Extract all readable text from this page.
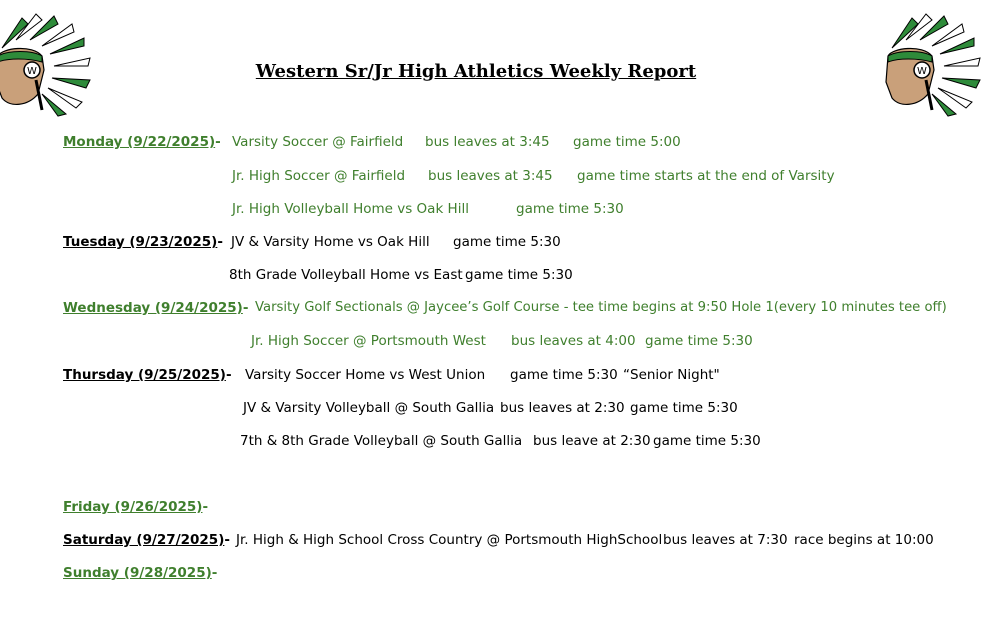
W	W
Western Sr/Jr High Athletics Weekly Report
Monday (9/22/2025)- Varsity Soccer @ Fairfield bus leaves at 3:45 game time 5:00
Jr. High Soccer @ Fairfield bus leaves at 3:45 game time starts at the end of Varsity
Jr. High Volleyball Home vs Oak Hill	game time 5:30
Tuesday (9/23/2025)- JV & Varsity Home vs Oak Hill game time 5:30
8th Grade Volleyball Home vs East game time 5:30
Wednesday (9/24/2025)- Varsity Golf Sectionals @ Jaycee’s Golf Course - tee time begins at 9:50 Hole 1(every 10 minutes tee off)
Jr. High Soccer @ Portsmouth West bus leaves at 4:00 game time 5:30
Thursday (9/25/2025)- Varsity Soccer Home vs West Union game time 5:30 “Senior Night"
JV & Varsity Volleyball @ South Gallia bus leaves at 2:30 game time 5:30
7th & 8th Grade Volleyball @ South Gallia bus leave at 2:30 game time 5:30
Friday (9/26/2025)-
Saturday (9/27/2025)- Jr. High & High School Cross Country @ Portsmouth HighSchool bus leaves at 7:30 race begins at 10:00
Sunday (9/28/2025)-
